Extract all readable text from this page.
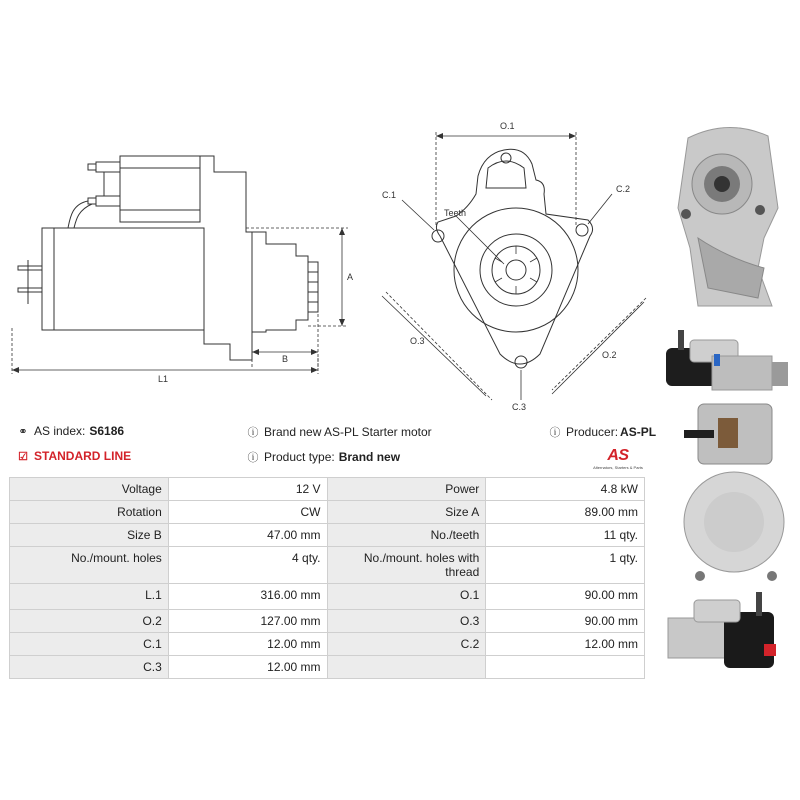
A
B
L1
O.1
C.1
C.2
Teeth
O.3
O.2
C.3
⚭ AS index: S6186
☑ STANDARD LINE
ⓘ Brand new AS-PL Starter motor
ⓘ Product type: Brand new
ⓘ Producer: AS-PL
AS
Alternators, Starters & Parts
Voltage	12 V	Power	4.8 kW
Rotation	CW	Size A	89.00 mm
Size B	47.00 mm	No./teeth	11 qty.
No./mount. holes	4 qty.	No./mount. holes with thread	1 qty.
L.1	316.00 mm	O.1	90.00 mm
O.2	127.00 mm	O.3	90.00 mm
C.1	12.00 mm	C.2	12.00 mm
C.3	12.00 mm		
